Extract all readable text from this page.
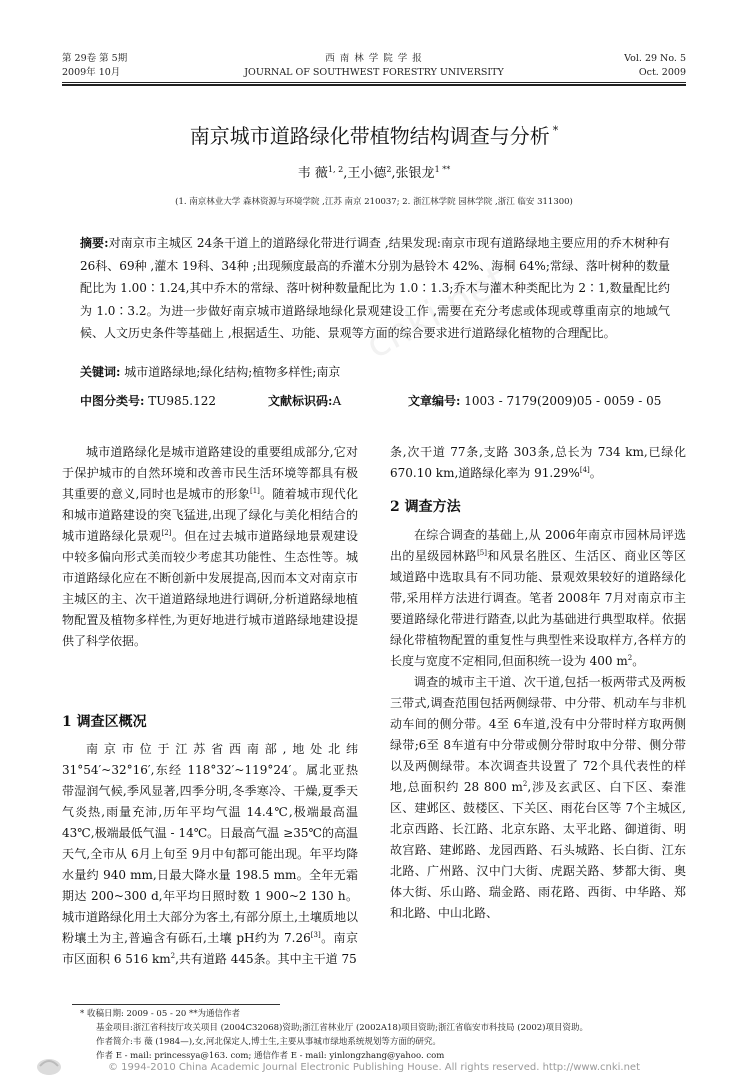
第 29卷 第 5期
2009年 10月
西 南 林 学 院 学 报
JOURNAL OF SOUTHWEST FORESTRY UNIVERSITY
Vol. 29 No. 5
Oct. 2009
cnki.net
南京城市道路绿化带植物结构调查与分析 *
韦 薇$^{1, 2}$,王小德$^2$,张银龙$^{1 **}$
(1. 南京林业大学 森林资源与环境学院 ,江苏 南京 210037; 2. 浙江林学院 园林学院 ,浙江 临安 311300)
摘要:对南京市主城区 24条干道上的道路绿化带进行调查 ,结果发现:南京市现有道路绿地主要应用的乔木树种有 26科、69种 ,灌木 19科、34种 ;出现频度最高的乔灌木分别为悬铃木 42%、海桐 64%;常绿、落叶树种的数量配比为 1.00∶1.24,其中乔木的常绿、落叶树种数量配比为 1.0∶1.3;乔木与灌木种类配比为 2∶1,数量配比约为 1.0∶3.2。为进一步做好南京城市道路绿地绿化景观建设工作 ,需要在充分考虑或体现或尊重南京的地域气候、人文历史条件等基础上 ,根据适生、功能、景观等方面的综合要求进行道路绿化植物的合理配比。
关键词: 城市道路绿地;绿化结构;植物多样性;南京
中图分类号: TU985.122	文献标识码:A	文章编号: 1003 - 7179(2009)05 - 0059 - 05

城市道路绿化是城市道路建设的重要组成部分,它对于保护城市的自然环境和改善市民生活环境等都具有极其重要的意义,同时也是城市的形象[1]。随着城市现代化和城市道路建设的突飞猛进,出现了绿化与美化相结合的城市道路绿化景观[2]。但在过去城市道路绿地景观建设中较多偏向形式美而较少考虑其功能性、生态性等。城市道路绿化应在不断创新中发展提高,因而本文对南京市主城区的主、次干道道路绿地进行调研,分析道路绿地植物配置及植物多样性,为更好地进行城市道路绿地建设提供了科学依据。

1 调查区概况

南京市位于江苏省西南部,地处北纬 31°54′~32°16′,东经 118°32′~119°24′。属北亚热带湿润气候,季风显著,四季分明,冬季寒冷、干燥,夏季天气炎热,雨量充沛,历年平均气温 14.4℃,极端最高温 43℃,极端最低气温 - 14℃。日最高气温 ≥35℃的高温天气,全市从 6月上旬至 9月中旬都可能出现。年平均降水量约 940 mm,日最大降水量 198.5 mm。全年无霜期达 200~300 d,年平均日照时数 1 900~2 130 h。城市道路绿化用土大部分为客土,有部分原土,土壤质地以粉壤土为主,普遍含有砾石,土壤 pH约为 7.26[3]。南京市区面积 6 516 $km^2$,共有道路 445条。其中主干道 75

条,次干道 77条,支路 303条,总长为 734 km,已绿化 670.10 km,道路绿化率为 91.29%[4]。

2 调查方法

在综合调查的基础上,从 2006年南京市园林局评选出的星级园林路[5]和风景名胜区、生活区、商业区等区域道路中选取具有不同功能、景观效果较好的道路绿化带,采用样方法进行调查。笔者 2008年 7月对南京市主要道路绿化带进行踏查,以此为基础进行典型取样。依据绿化带植物配置的重复性与典型性来设取样方,各样方的长度与宽度不定相同,但面积统一设为 400 $m^2$。

调查的城市主干道、次干道,包括一板两带式及两板三带式,调查范围包括两侧绿带、中分带、机动车与非机动车间的侧分带。4至 6车道,没有中分带时样方取两侧绿带;6至 8车道有中分带或侧分带时取中分带、侧分带以及两侧绿带。本次调查共设置了 72个具代表性的样地,总面积约 28 800 $m^2$,涉及玄武区、白下区、秦淮区、建邺区、鼓楼区、下关区、雨花台区等 7个主城区,北京西路、长江路、北京东路、太平北路、御道街、明故宫路、建邺路、龙园西路、石头城路、长白街、江东北路、广州路、汉中门大街、虎踞关路、梦都大街、奥体大街、乐山路、瑞金路、雨花路、西街、中华路、郑和北路、中山北路、

© 1994-2010 China Academic Journal Electronic Publishing House. All rights reserved. http://www.cnki.net
* 收稿日期: 2009 - 05 - 20 **为通信作者
基金项目:浙江省科技厅攻关项目 (2004C32068)资助;浙江省林业厅 (2002A18)项目资助;浙江省临安市科技局 (2002)项目资助。
作者简介:韦 薇 (1984—),女,河北保定人,博士生,主要从事城市绿地系统规划等方面的研究。
作者 E - mail: princessya@163. com; 通信作者 E - mail: yinlongzhang@yahoo. com
